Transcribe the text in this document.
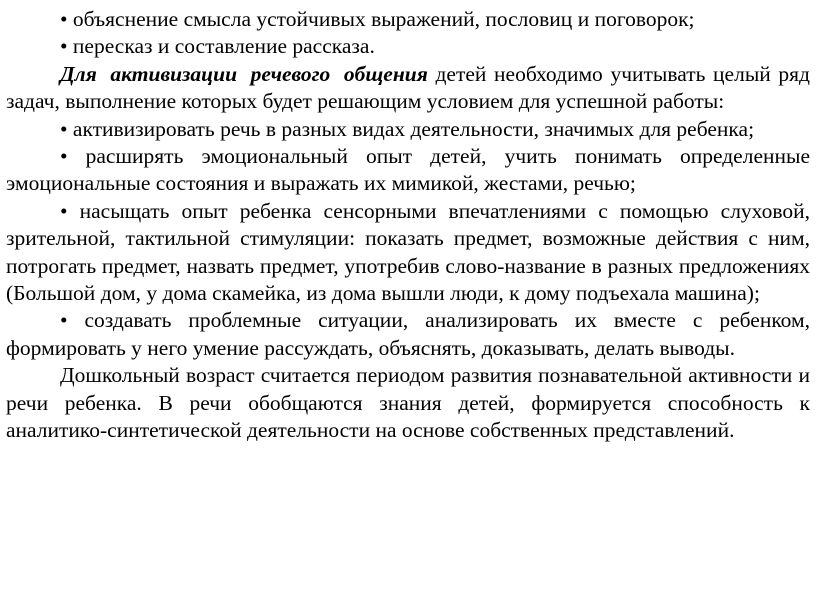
• объяснение смысла устойчивых выражений, пословиц и поговорок;

• пересказ и составление рассказа.

Для активизации речевого общения детей необходимо учитывать целый ряд задач, выполнение которых будет решающим условием для успешной работы:

• активизировать речь в разных видах деятельности, значимых для ребенка;

• расширять эмоциональный опыт детей, учить понимать определенные эмоциональные состояния и выражать их мимикой, жестами, речью;

• насыщать опыт ребенка сенсорными впечатлениями с помощью слуховой, зрительной, тактильной стимуляции: показать предмет, возможные действия с ним, потрогать предмет, назвать предмет, употребив слово-название в разных предложениях (Большой дом, у дома скамейка, из дома вышли люди, к дому подъехала машина);

• создавать проблемные ситуации, анализировать их вместе с ребенком, формировать у него умение рассуждать, объяснять, доказывать, делать выводы.

Дошкольный возраст считается периодом развития познавательной активности и речи ребенка. В речи обобщаются знания детей, формируется способность к аналитико-синтетической деятельности на основе собственных представлений.
